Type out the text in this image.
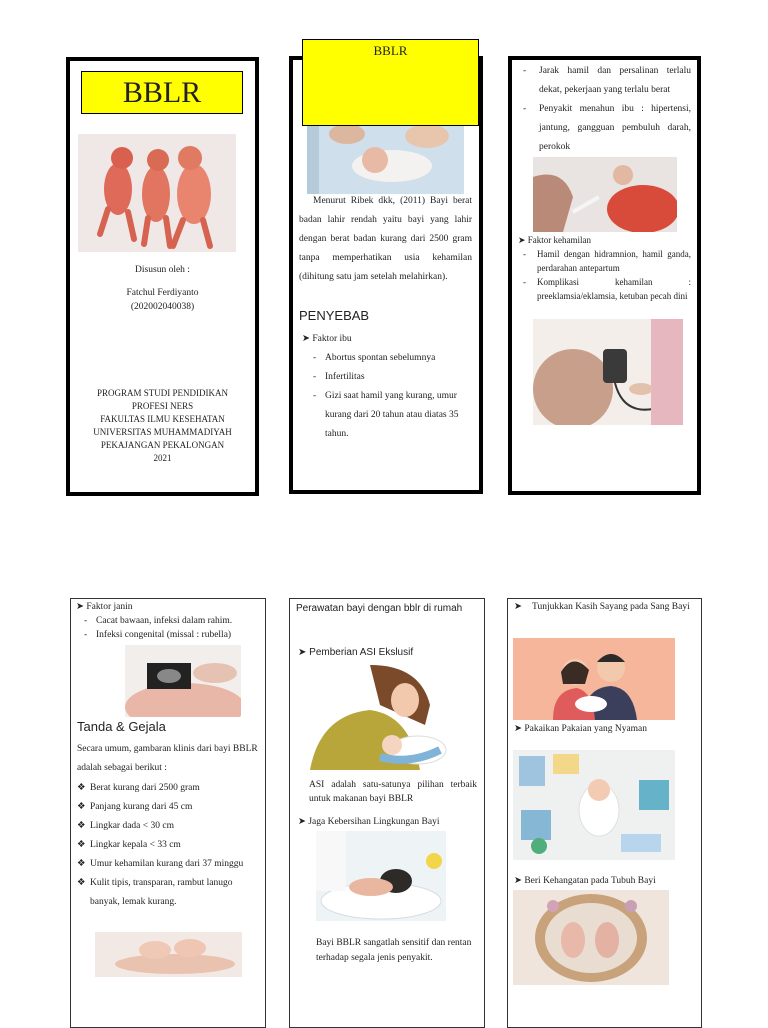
BBLR
Disusun oleh :
Fatchul Ferdiyanto
(202002040038)
PROGRAM STUDI PENDIDIKAN
PROFESI NERS
FAKULTAS ILMU KESEHATAN
UNIVERSITAS MUHAMMADIYAH
PEKAJANGAN PEKALONGAN
2021
BBLR
Menurut Ribek dkk, (2011) Bayi berat badan lahir rendah yaitu bayi yang lahir dengan berat badan kurang dari 2500 gram tanpa memperhatikan usia kehamilan (dihitung satu jam setelah melahirkan).
PENYEBAB
➤ Faktor ibu
- Abortus spontan sebelumnya
- Infertilitas
- Gizi saat hamil yang kurang, umur kurang dari 20 tahun atau diatas 35 tahun.
-	Jarak hamil dan persalinan terlalu dekat, pekerjaan yang terlalu berat
-	Penyakit menahun ibu : hipertensi, jantung, gangguan pembuluh darah, perokok
➤ Faktor kehamilan
-	Hamil dengan hidramnion, hamil ganda, perdarahan antepartum
-	Komplikasi kehamilan : preeklamsia/eklamsia, ketuban pecah dini
➤ Faktor janin
- Cacat bawaan, infeksi dalam rahim.
- Infeksi congenital (missal : rubella)
Tanda & Gejala
Secara umum, gambaran klinis dari bayi BBLR adalah sebagai berikut :
❖ Berat kurang dari 2500 gram
❖ Panjang kurang dari 45 cm
❖ Lingkar dada < 30 cm
❖ Lingkar kepala < 33 cm
❖ Umur kehamilan kurang dari 37 minggu
❖ Kulit tipis, transparan, rambut lanugo banyak, lemak kurang.
Perawatan bayi dengan bblr di rumah
➤ Pemberian ASI Ekslusif
ASI adalah satu-satunya pilihan terbaik untuk makanan bayi BBLR
➤ Jaga Kebersihan Lingkungan Bayi
Bayi BBLR sangatlah sensitif dan rentan terhadap segala jenis penyakit.
➤	Tunjukkan Kasih Sayang pada Sang Bayi
➤ Pakaikan Pakaian yang Nyaman
➤ Beri Kehangatan pada Tubuh Bayi
